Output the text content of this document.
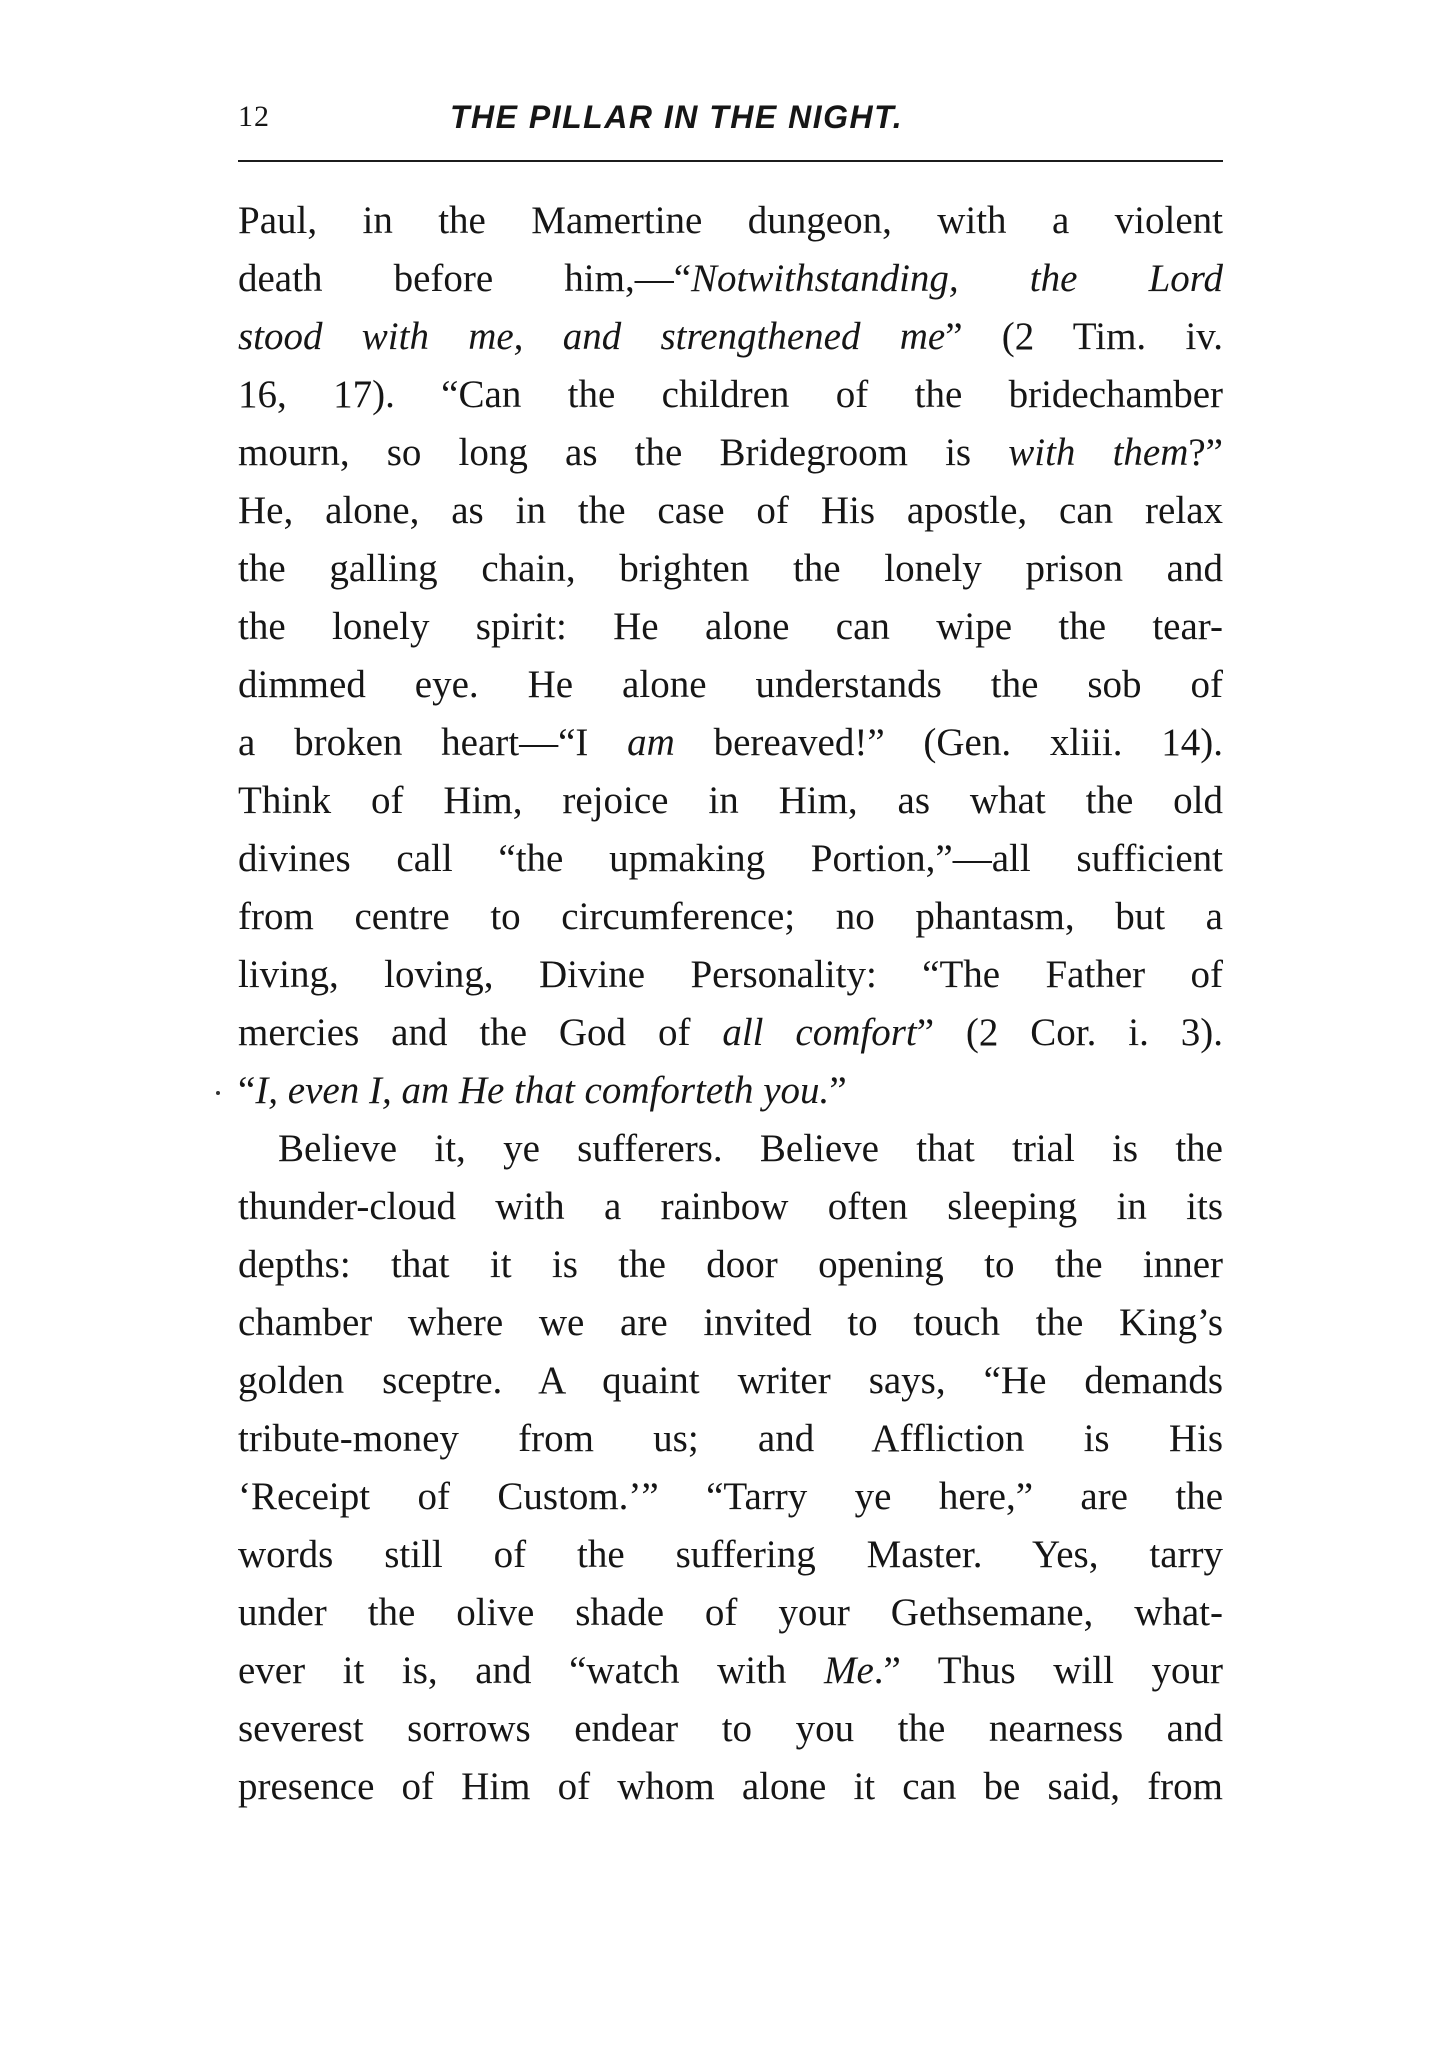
12	THE PILLAR IN THE NIGHT.
Paul, in the Mamertine dungeon, with a violent
death before him,—“Notwithstanding, the Lord
stood with me, and strengthened me” (2 Tim. iv.
16, 17). “Can the children of the bridechamber
mourn, so long as the Bridegroom is with them?”
He, alone, as in the case of His apostle, can relax
the galling chain, brighten the lonely prison and
the lonely spirit: He alone can wipe the tear-
dimmed eye. He alone understands the sob of
a broken heart—“I am bereaved!” (Gen. xliii. 14).
Think of Him, rejoice in Him, as what the old
divines call “the upmaking Portion,”—all sufficient
from centre to circumference; no phantasm, but a
living, loving, Divine Personality: “The Father of
mercies and the God of all comfort” (2 Cor. i. 3).
“I, even I, am He that comforteth you.”
Believe it, ye sufferers. Believe that trial is the
thunder-cloud with a rainbow often sleeping in its
depths: that it is the door opening to the inner
chamber where we are invited to touch the King’s
golden sceptre. A quaint writer says, “He demands
tribute-money from us; and Affliction is His
‘Receipt of Custom.’” “Tarry ye here,” are the
words still of the suffering Master. Yes, tarry
under the olive shade of your Gethsemane, what-
ever it is, and “watch with Me.” Thus will your
severest sorrows endear to you the nearness and
presence of Him of whom alone it can be said, from
